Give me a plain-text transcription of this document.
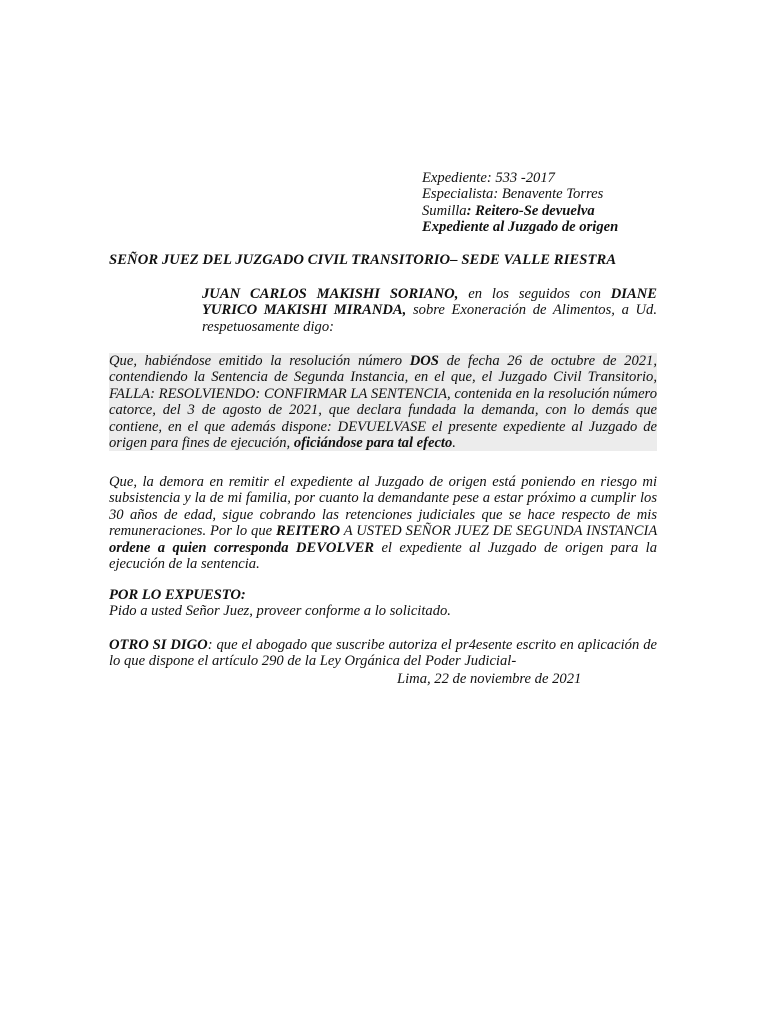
Expediente: 533 -2017
Especialista: Benavente Torres
Sumilla: Reitero-Se devuelva
Expediente al Juzgado de origen
SEÑOR JUEZ DEL JUZGADO CIVIL TRANSITORIO– SEDE VALLE RIESTRA
JUAN CARLOS MAKISHI SORIANO, en los seguidos con DIANE YURICO MAKISHI MIRANDA, sobre Exoneración de Alimentos, a Ud. respetuosamente digo:
Que, habiéndose emitido la resolución número DOS de fecha 26 de octubre de 2021, contendiendo la Sentencia de Segunda Instancia, en el que, el Juzgado Civil Transitorio, FALLA: RESOLVIENDO: CONFIRMAR LA SENTENCIA, contenida en la resolución número catorce, del 3 de agosto de 2021, que declara fundada la demanda, con lo demás que contiene, en el que además dispone: DEVUELVASE el presente expediente al Juzgado de origen para fines de ejecución, oficiándose para tal efecto.
Que, la demora en remitir el expediente al Juzgado de origen está poniendo en riesgo mi subsistencia y la de mi familia, por cuanto la demandante pese a estar próximo a cumplir los 30 años de edad, sigue cobrando las retenciones judiciales que se hace respecto de mis remuneraciones. Por lo que REITERO A USTED SEÑOR JUEZ DE SEGUNDA INSTANCIA ordene a quien corresponda DEVOLVER el expediente al Juzgado de origen para la ejecución de la sentencia.
POR LO EXPUESTO:
Pido a usted Señor Juez, proveer conforme a lo solicitado.
OTRO SI DIGO: que el abogado que suscribe autoriza el pr4esente escrito en aplicación de lo que dispone el artículo 290 de la Ley Orgánica del Poder Judicial-
Lima, 22 de noviembre de 2021
